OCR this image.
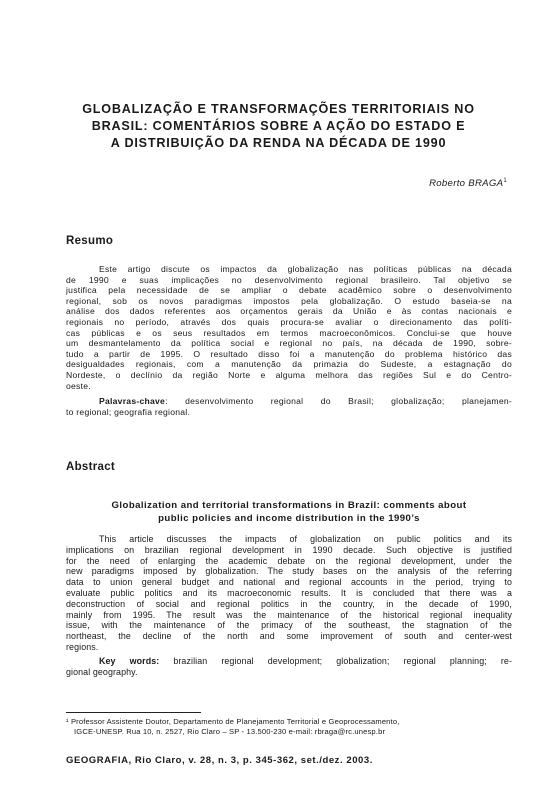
GLOBALIZAÇÃO E TRANSFORMAÇÕES TERRITORIAIS NO
BRASIL: COMENTÁRIOS SOBRE A AÇÃO DO ESTADO E
A DISTRIBUIÇÃO DA RENDA NA DÉCADA DE 1990
Roberto BRAGA$^1$
Resumo
Este artigo discute os impactos da globalização nas políticas públicas na década
de 1990 e suas implicações no desenvolvimento regional brasileiro. Tal objetivo se
justifica pela necessidade de se ampliar o debate acadêmico sobre o desenvolvimento
regional, sob os novos paradigmas impostos pela globalização. O estudo baseia-se na
análise dos dados referentes aos orçamentos gerais da União e às contas nacionais e
regionais no período, através dos quais procura-se avaliar o direcionamento das políti-
cas públicas e os seus resultados em termos macroeconômicos. Conclui-se que houve
um desmantelamento da política social e regional no país, na década de 1990, sobre-
tudo a partir de 1995. O resultado disso foi a manutenção do problema histórico das
desigualdades regionais, com a manutenção da primazia do Sudeste, a estagnação do
Nordeste, o declínio da região Norte e alguma melhora das regiões Sul e do Centro-
oeste.
Palavras-chave: desenvolvimento regional do Brasil; globalização; planejamen-
to regional; geografia regional.
Abstract
Globalization and territorial transformations in Brazil: comments about
public policies and income distribution in the 1990’s
This article discusses the impacts of globalization on public politics and its
implications on brazilian regional development in 1990 decade. Such objective is justified
for the need of enlarging the academic debate on the regional development, under the
new paradigms imposed by globalization. The study bases on the analysis of the referring
data to union general budget and national and regional accounts in the period, trying to
evaluate public politics and its macroeconomic results. It is concluded that there was a
deconstruction of social and regional politics in the country, in the decade of 1990,
mainly from 1995. The result was the maintenance of the historical regional inequality
issue, with the maintenance of the primacy of the southeast, the stagnation of the
northeast, the decline of the north and some improvement of south and center-west
regions.
Key words: brazilian regional development; globalization; regional planning; re-
gional geography.
¹ Professor Assistente Doutor, Departamento de Planejamento Territorial e Geoprocessamento,
IGCE-UNESP. Rua 10, n. 2527, Rio Claro – SP - 13.500-230 e-mail: rbraga@rc.unesp.br
GEOGRAFIA, Rio Claro, v. 28, n. 3, p. 345-362, set./dez. 2003.
